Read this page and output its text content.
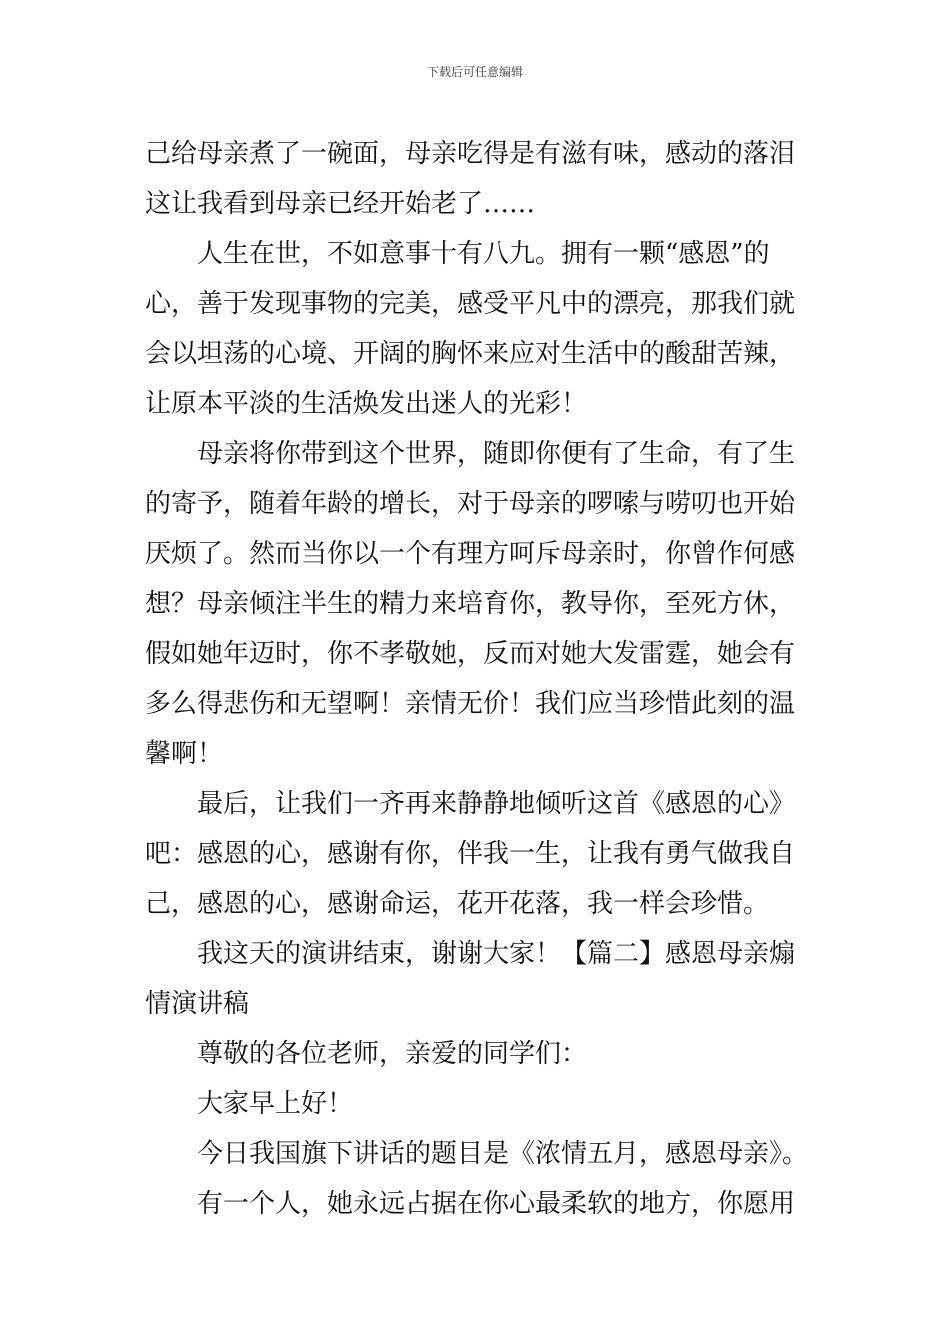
下载后可任意编辑
己给母亲煮了一碗面，母亲吃得是有滋有味，感动的落泪
这让我看到母亲已经开始老了……
人生在世，不如意事十有八九。拥有一颗“感恩”的
心，善于发现事物的完美，感受平凡中的漂亮，那我们就
会以坦荡的心境、开阔的胸怀来应对生活中的酸甜苦辣，
让原本平淡的生活焕发出迷人的光彩！
母亲将你带到这个世界，随即你便有了生命，有了生
的寄予，随着年龄的增长，对于母亲的啰嗦与唠叨也开始
厌烦了。然而当你以一个有理方呵斥母亲时，你曾作何感
想？母亲倾注半生的精力来培育你，教导你，至死方休，
假如她年迈时，你不孝敬她，反而对她大发雷霆，她会有
多么得悲伤和无望啊！亲情无价！我们应当珍惜此刻的温
馨啊！
最后，让我们一齐再来静静地倾听这首《感恩的心》
吧：感恩的心，感谢有你，伴我一生，让我有勇气做我自
己，感恩的心，感谢命运，花开花落，我一样会珍惜。
我这天的演讲结束，谢谢大家！【篇二】感恩母亲煽
情演讲稿
尊敬的各位老师，亲爱的同学们：
大家早上好！
今日我国旗下讲话的题目是《浓情五月，感恩母亲》。
有一个人，她永远占据在你心最柔软的地方，你愿用
